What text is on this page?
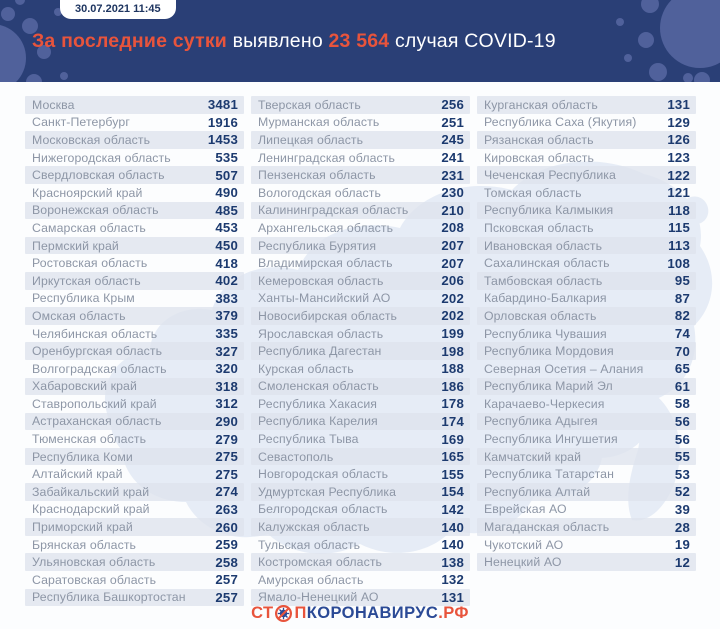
30.07.2021 11:45
За последние сутки выявлено 23 564 случая COVID-19
Москва	3481
Санкт-Петербург	1916
Московская область	1453
Нижегородская область	535
Свердловская область	507
Красноярский край	490
Воронежская область	485
Самарская область	453
Пермский край	450
Ростовская область	418
Иркутская область	402
Республика Крым	383
Омская область	379
Челябинская область	335
Оренбургская область	327
Волгоградская область	320
Хабаровский край	318
Ставропольский край	312
Астраханская область	290
Тюменская область	279
Республика Коми	275
Алтайский край	275
Забайкальский край	274
Краснодарский край	263
Приморский край	260
Брянская область	259
Ульяновская область	258
Саратовская область	257
Республика Башкортостан	257
Тверская область	256
Мурманская область	251
Липецкая область	245
Ленинградская область	241
Пензенская область	231
Вологодская область	230
Калининградская область	210
Архангельская область	208
Республика Бурятия	207
Владимирская область	207
Кемеровская область	206
Ханты-Мансийский АО	202
Новосибирская область	202
Ярославская область	199
Республика Дагестан	198
Курская область	188
Смоленская область	186
Республика Хакасия	178
Республика Карелия	174
Республика Тыва	169
Севастополь	165
Новгородская область	155
Удмуртская Республика	154
Белгородская область	142
Калужская область	140
Тульская область	140
Костромская область	138
Амурская область	132
Ямало-Ненецкий АО	131
Курганская область	131
Республика Саха (Якутия)	129
Рязанская область	126
Кировская область	123
Чеченская Республика	122
Томская область	121
Республика Калмыкия	118
Псковская область	115
Ивановская область	113
Сахалинская область	108
Тамбовская область	95
Кабардино-Балкария	87
Орловская область	82
Республика Чувашия	74
Республика Мордовия	70
Северная Осетия – Алания	65
Республика Марий Эл	61
Карачаево-Черкесия	58
Республика Адыгея	56
Республика Ингушетия	56
Камчатский край	55
Республика Татарстан	53
Республика Алтай	52
Еврейская АО	39
Магаданская область	28
Чукотский АО	19
Ненецкий АО	12
СТ П КОРОНАВИРУС .РФ
